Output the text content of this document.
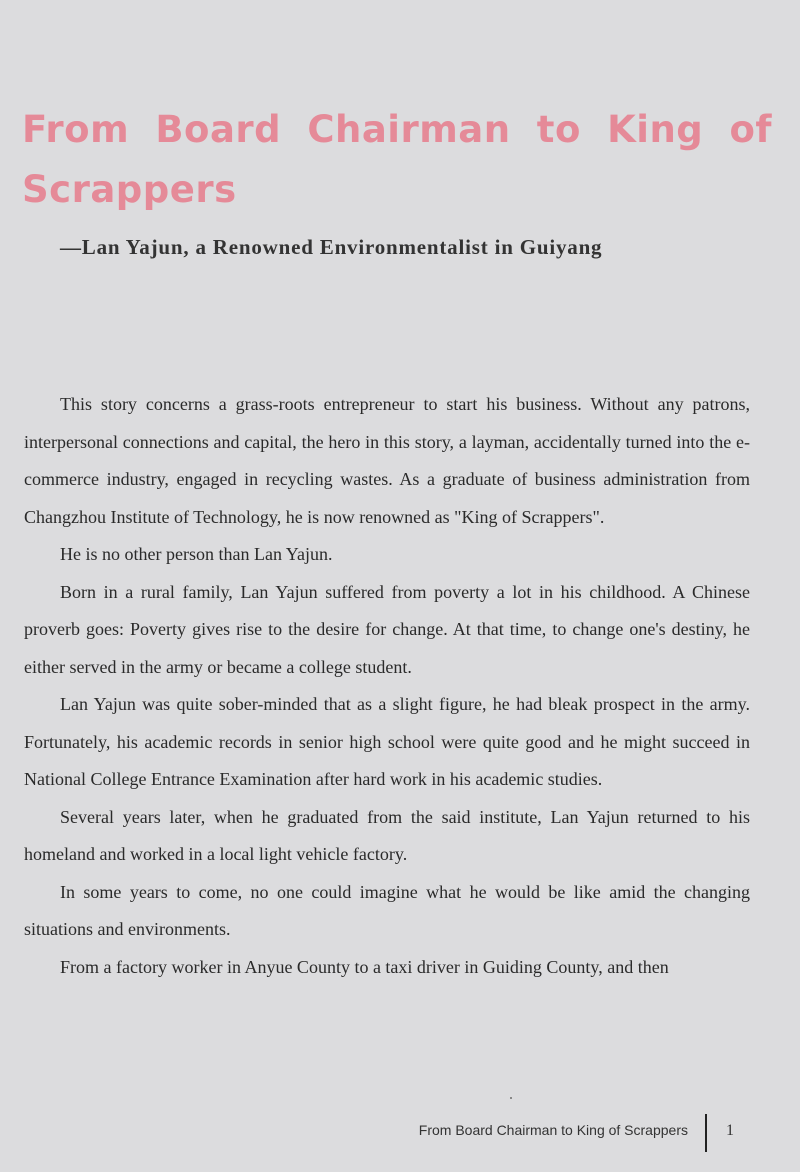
From Board Chairman to King of Scrappers
—Lan Yajun, a Renowned Environmentalist in Guiyang

This story concerns a grass-roots entrepreneur to start his business. Without any patrons, interpersonal connections and capital, the hero in this story, a layman, accidentally turned into the e-commerce industry, engaged in recycling wastes. As a graduate of business administration from Changzhou Institute of Technology, he is now renowned as "King of Scrappers".

He is no other person than Lan Yajun.

Born in a rural family, Lan Yajun suffered from poverty a lot in his childhood. A Chinese proverb goes: Poverty gives rise to the desire for change. At that time, to change one's destiny, he either served in the army or became a college student.

Lan Yajun was quite sober-minded that as a slight figure, he had bleak prospect in the army. Fortunately, his academic records in senior high school were quite good and he might succeed in National College Entrance Examination after hard work in his academic studies.

Several years later, when he graduated from the said institute, Lan Yajun returned to his homeland and worked in a local light vehicle factory.

In some years to come, no one could imagine what he would be like amid the changing situations and environments.

From a factory worker in Anyue County to a taxi driver in Guiding County, and then

From Board Chairman to King of Scrappers 1
